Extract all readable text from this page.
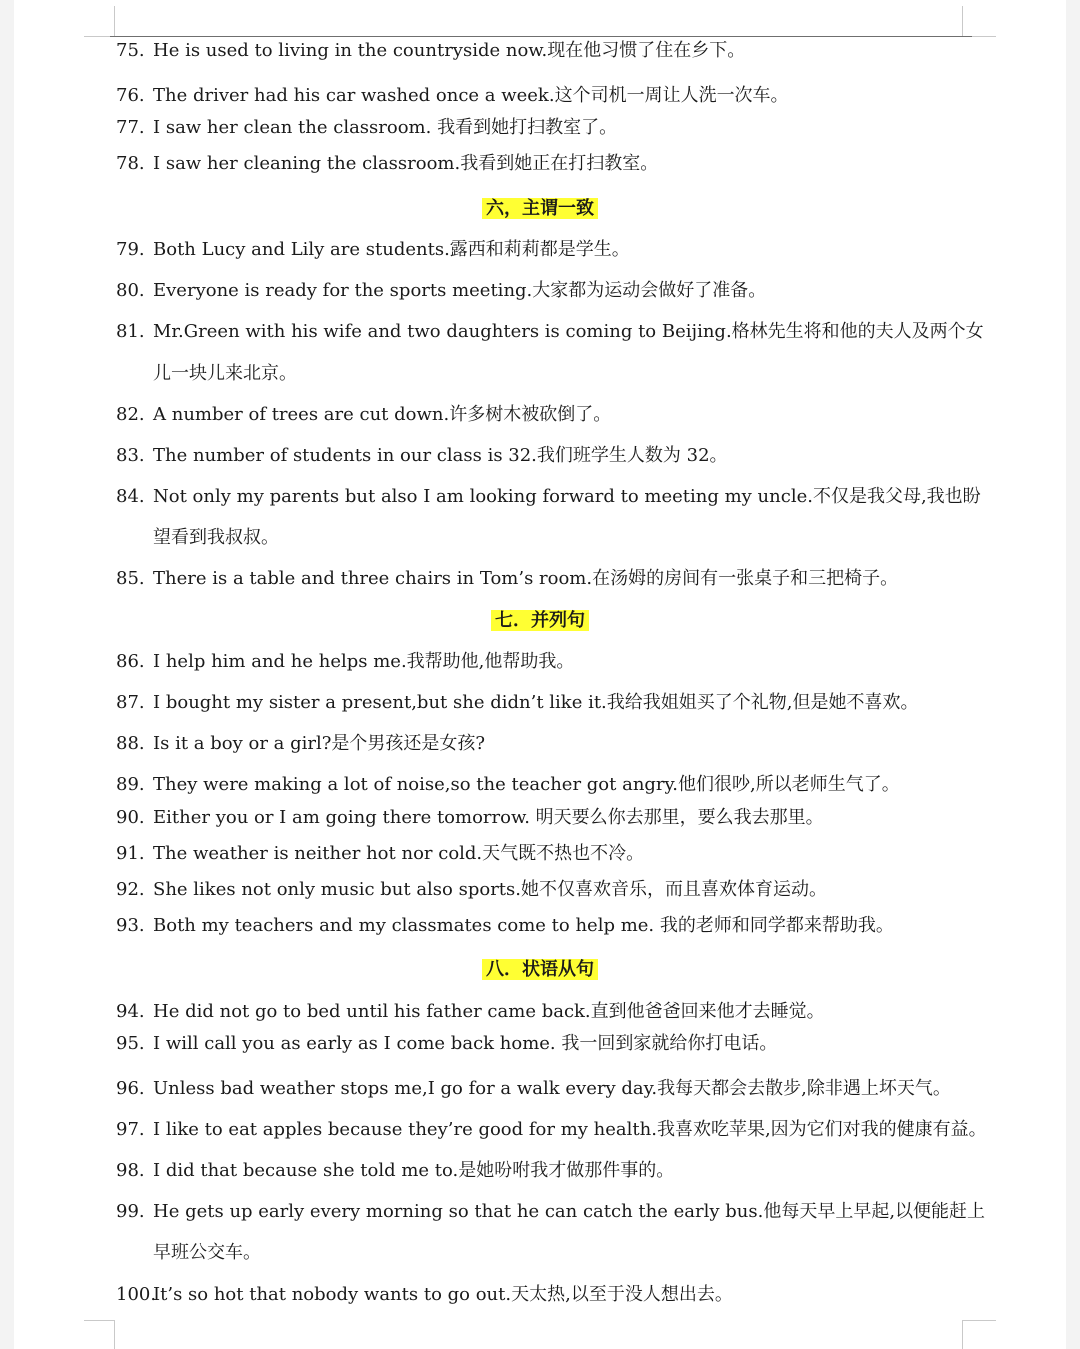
75. He is used to living in the countryside now.现在他习惯了住在乡下。
76. The driver had his car washed once a week.这个司机一周让人洗一次车。
77. I saw her clean the classroom. 我看到她打扫教室了。
78. I saw her cleaning the classroom.我看到她正在打扫教室。
六，主谓一致
79. Both Lucy and Lily are students.露西和莉莉都是学生。
80. Everyone is ready for the sports meeting.大家都为运动会做好了准备。
81. Mr.Green with his wife and two daughters is coming to Beijing.格林先生将和他的夫人及两个女
儿一块儿来北京。
82. A number of trees are cut down.许多树木被砍倒了。
83. The number of students in our class is 32.我们班学生人数为 32。
84. Not only my parents but also I am looking forward to meeting my uncle.不仅是我父母,我也盼
望看到我叔叔。
85. There is a table and three chairs in Tom’s room.在汤姆的房间有一张桌子和三把椅子。
七．并列句
86. I help him and he helps me.我帮助他,他帮助我。
87. I bought my sister a present,but she didn’t like it.我给我姐姐买了个礼物,但是她不喜欢。
88. Is it a boy or a girl?是个男孩还是女孩?
89. They were making a lot of noise,so the teacher got angry.他们很吵,所以老师生气了。
90. Either you or I am going there tomorrow. 明天要么你去那里，要么我去那里。
91. The weather is neither hot nor cold.天气既不热也不冷。
92. She likes not only music but also sports.她不仅喜欢音乐，而且喜欢体育运动。
93. Both my teachers and my classmates come to help me. 我的老师和同学都来帮助我。
八．状语从句
94. He did not go to bed until his father came back.直到他爸爸回来他才去睡觉。
95. I will call you as early as I come back home. 我一回到家就给你打电话。
96. Unless bad weather stops me,I go for a walk every day.我每天都会去散步,除非遇上坏天气。
97. I like to eat apples because they’re good for my health.我喜欢吃苹果,因为它们对我的健康有益。
98. I did that because she told me to.是她吩咐我才做那件事的。
99. He gets up early every morning so that he can catch the early bus.他每天早上早起,以便能赶上
早班公交车。
100.
It’s so hot that nobody wants to go out.天太热,以至于没人想出去。
